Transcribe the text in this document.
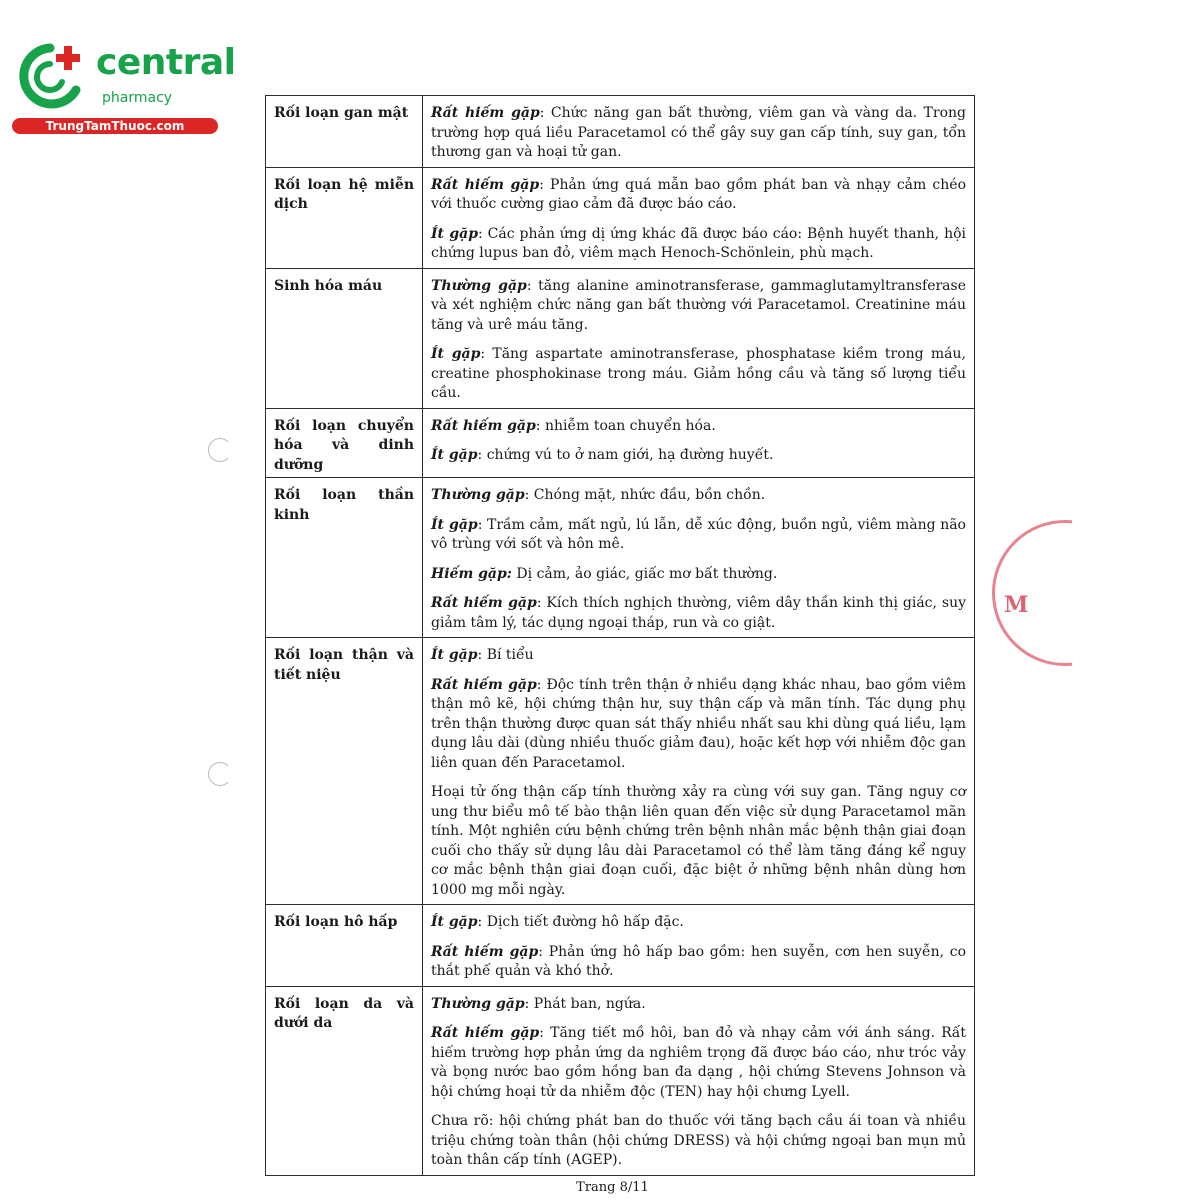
central
pharmacy
TrungTamThuoc.com
M
Rối loạn gan mật	Rất hiếm gặp: Chức năng gan bất thường, viêm gan và vàng da. Trong trường hợp quá liều Paracetamol có thể gây suy gan cấp tính, suy gan, tổn thương gan và hoại tử gan.

Rối loạn hệ miễn dịch	Rất hiếm gặp: Phản ứng quá mẫn bao gồm phát ban và nhạy cảm chéo với thuốc cường giao cảm đã được báo cáo.
Ít gặp: Các phản ứng dị ứng khác đã được báo cáo: Bệnh huyết thanh, hội chứng lupus ban đỏ, viêm mạch Henoch-Schönlein, phù mạch.

Sinh hóa máu	Thường gặp: tăng alanine aminotransferase, gammaglutamyltransferase và xét nghiệm chức năng gan bất thường với Paracetamol. Creatinine máu tăng và urê máu tăng.
Ít gặp: Tăng aspartate aminotransferase, phosphatase kiềm trong máu, creatine phosphokinase trong máu. Giảm hồng cầu và tăng số lượng tiểu cầu.

Rối loạn chuyển hóa và dinh dưỡng	Rất hiếm gặp: nhiễm toan chuyển hóa.
Ít gặp: chứng vú to ở nam giới, hạ đường huyết.

Rối loạn thần kinh	Thường gặp: Chóng mặt, nhức đầu, bồn chồn.
Ít gặp: Trầm cảm, mất ngủ, lú lẫn, dễ xúc động, buồn ngủ, viêm màng não vô trùng với sốt và hôn mê.
Hiếm gặp: Dị cảm, ảo giác, giấc mơ bất thường.
Rất hiếm gặp: Kích thích nghịch thường, viêm dây thần kinh thị giác, suy giảm tâm lý, tác dụng ngoại tháp, run và co giật.

Rối loạn thận và tiết niệu	Ít gặp: Bí tiểu
Rất hiếm gặp: Độc tính trên thận ở nhiều dạng khác nhau, bao gồm viêm thận mô kẽ, hội chứng thận hư, suy thận cấp và mãn tính. Tác dụng phụ trên thận thường được quan sát thấy nhiều nhất sau khi dùng quá liều, lạm dụng lâu dài (dùng nhiều thuốc giảm đau), hoặc kết hợp với nhiễm độc gan liên quan đến Paracetamol.
Hoại tử ống thận cấp tính thường xảy ra cùng với suy gan. Tăng nguy cơ ung thư biểu mô tế bào thận liên quan đến việc sử dụng Paracetamol mãn tính. Một nghiên cứu bệnh chứng trên bệnh nhân mắc bệnh thận giai đoạn cuối cho thấy sử dụng lâu dài Paracetamol có thể làm tăng đáng kể nguy cơ mắc bệnh thận giai đoạn cuối, đặc biệt ở những bệnh nhân dùng hơn 1000 mg mỗi ngày.

Rối loạn hô hấp	Ít gặp: Dịch tiết đường hô hấp đặc.
Rất hiếm gặp: Phản ứng hô hấp bao gồm: hen suyễn, cơn hen suyễn, co thắt phế quản và khó thở.

Rối loạn da và dưới da	Thường gặp: Phát ban, ngứa.
Rất hiếm gặp: Tăng tiết mồ hôi, ban đỏ và nhạy cảm với ánh sáng. Rất hiếm trường hợp phản ứng da nghiêm trọng đã được báo cáo, như tróc vảy và bọng nước bao gồm hồng ban đa dạng , hội chứng Stevens Johnson và hội chứng hoại tử da nhiễm độc (TEN) hay hội chưng Lyell.
Chưa rõ: hội chứng phát ban do thuốc với tăng bạch cầu ái toan và nhiều triệu chứng toàn thân (hội chứng DRESS) và hội chứng ngoại ban mụn mủ toàn thân cấp tính (AGEP).
Trang 8/11
